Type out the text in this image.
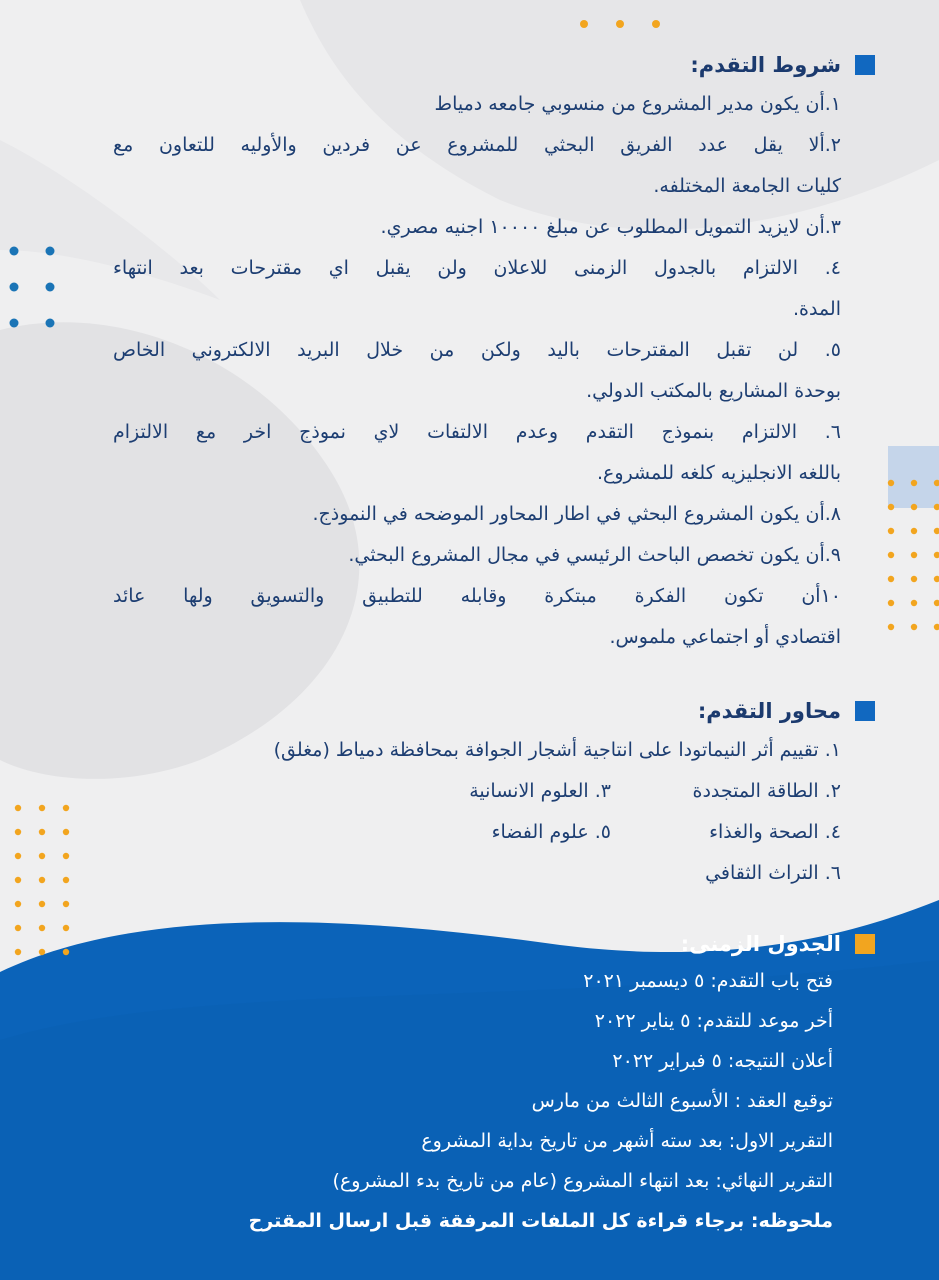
شروط التقدم:
١.أن يكون مدير المشروع من منسوبي جامعه دمياط
٢.ألا يقل عدد الفريق البحثي للمشروع عن فردين والأوليه للتعاون مع
كليات الجامعة المختلفه.
٣.أن لايزيد التمويل المطلوب عن مبلغ ١٠٠٠٠ اجنيه مصري.
٤. الالتزام بالجدول الزمنى للاعلان ولن يقبل اي مقترحات بعد انتهاء
المدة.
٥. لن تقبل المقترحات باليد ولكن من خلال البريد الالكتروني الخاص
بوحدة المشاريع بالمكتب الدولي.
٦. الالتزام بنموذج التقدم وعدم الالتفات لاي نموذج اخر مع الالتزام
باللغه الانجليزيه كلغه للمشروع.
٨.أن يكون المشروع البحثي في اطار المحاور الموضحه في النموذج.
٩.أن يكون تخصص الباحث الرئيسي في مجال المشروع البحثي.
١٠أن تكون الفكرة مبتكرة وقابله للتطبيق والتسويق ولها عائد
اقتصادي أو اجتماعي ملموس.
محاور التقدم:
١. تقييم أثر النيماتودا على انتاجية أشجار الجوافة بمحافظة دمياط (مغلق)
٢. الطاقة المتجددة
٣. العلوم الانسانية
٤. الصحة والغذاء
٥. علوم الفضاء
٦. التراث الثقافي
الجدول الزمنى:
فتح باب التقدم: ٥ ديسمبر ٢٠٢١
أخر موعد للتقدم: ٥ يناير ٢٠٢٢
أعلان النتيجه: ٥ فبراير ٢٠٢٢
توقيع العقد : الأسبوع الثالث من مارس
التقرير الاول: بعد سته أشهر من تاريخ بداية المشروع
التقرير النهائي: بعد انتهاء المشروع (عام من تاريخ بدء المشروع)
ملحوظه: برجاء قراءة كل الملفات المرفقة قبل ارسال المقترح
